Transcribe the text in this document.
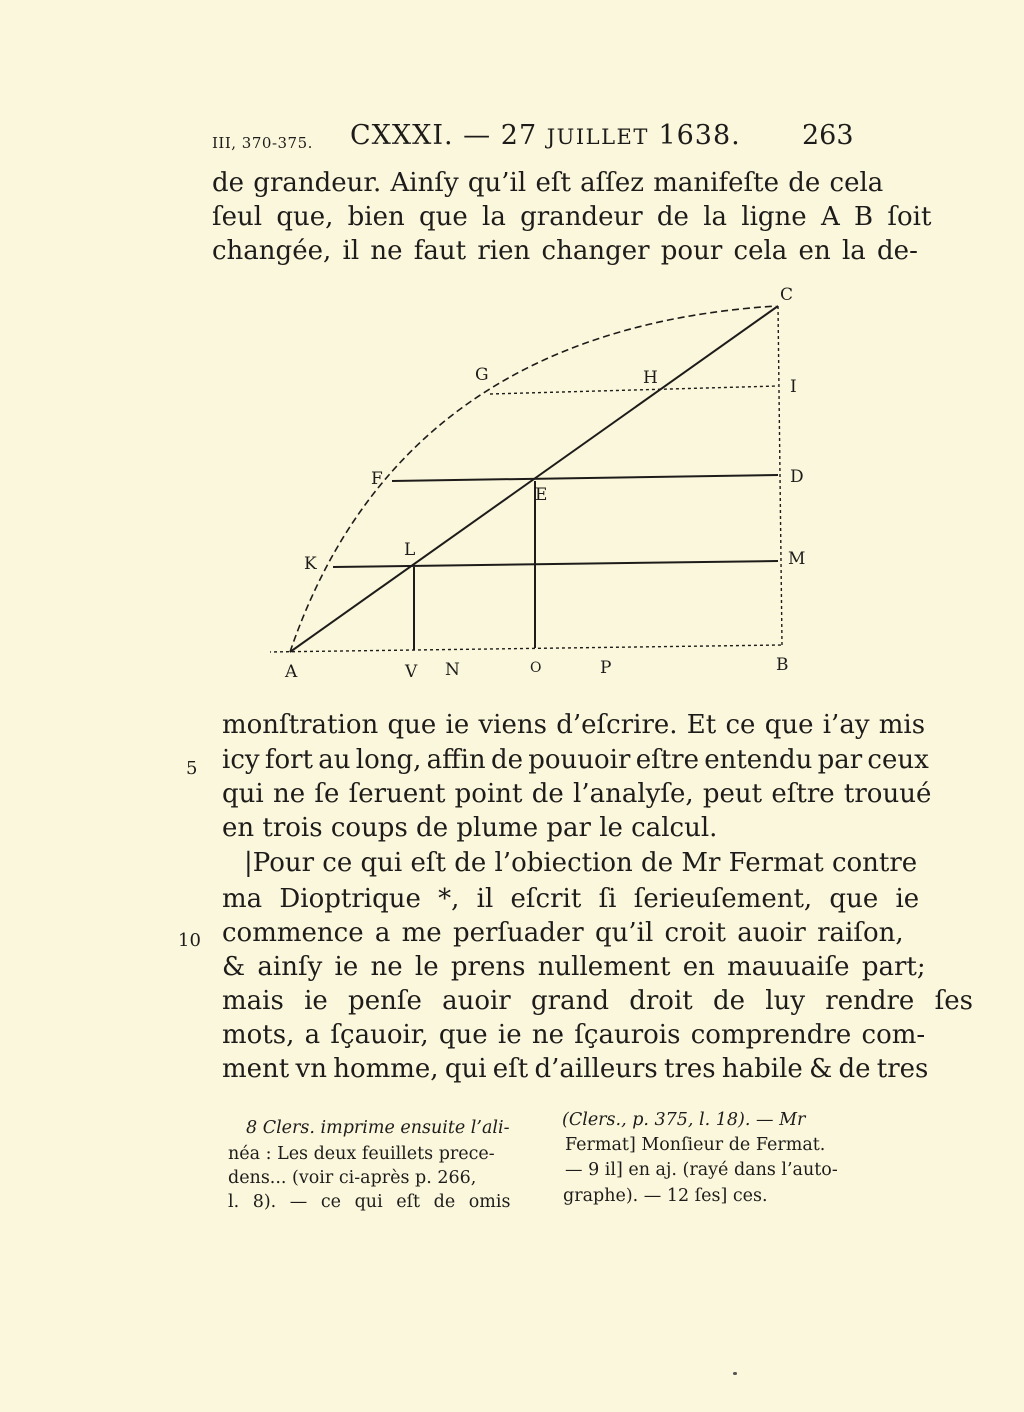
III, 370-375. CXXXI. — 27 JUILLET 1638. 263
de grandeur. Ainſy qu’il eſt aſſez manifeſte de cela
ſeul que, bien que la grandeur de la ligne A B ſoit
changée, il ne faut rien changer pour cela en la de-
C
G	H	I
F
E
D
K
L	M
A	V N	O	P	B
monſtration que ie viens d’eſcrire. Et ce que i’ay mis
icy fort au long, affin de pouuoir eſtre entendu par ceux
qui ne ſe ſeruent point de l’analyſe, peut eſtre trouué
en trois coups de plume par le calcul.
|Pour ce qui eſt de l’obiection de Mr Fermat contre
ma Dioptrique *, il eſcrit ſi ſerieuſement, que ie
commence a me perſuader qu’il croit auoir raiſon,
& ainſy ie ne le prens nullement en mauuaiſe part;
mais ie penſe auoir grand droit de luy rendre ſes
mots, a ſçauoir, que ie ne ſçaurois comprendre com-
ment vn homme, qui eſt d’ailleurs tres habile & de tres
5
10
8 Clers. imprime ensuite l’ali-
néa : Les deux feuillets prece-
dens... (voir ci-après p. 266,
l. 8). — ce qui eſt de omis
(Clers., p. 375, l. 18). — Mr
Fermat] Monſieur de Fermat.
— 9 il] en aj. (rayé dans l’auto-
graphe). — 12 ſes] ces.
